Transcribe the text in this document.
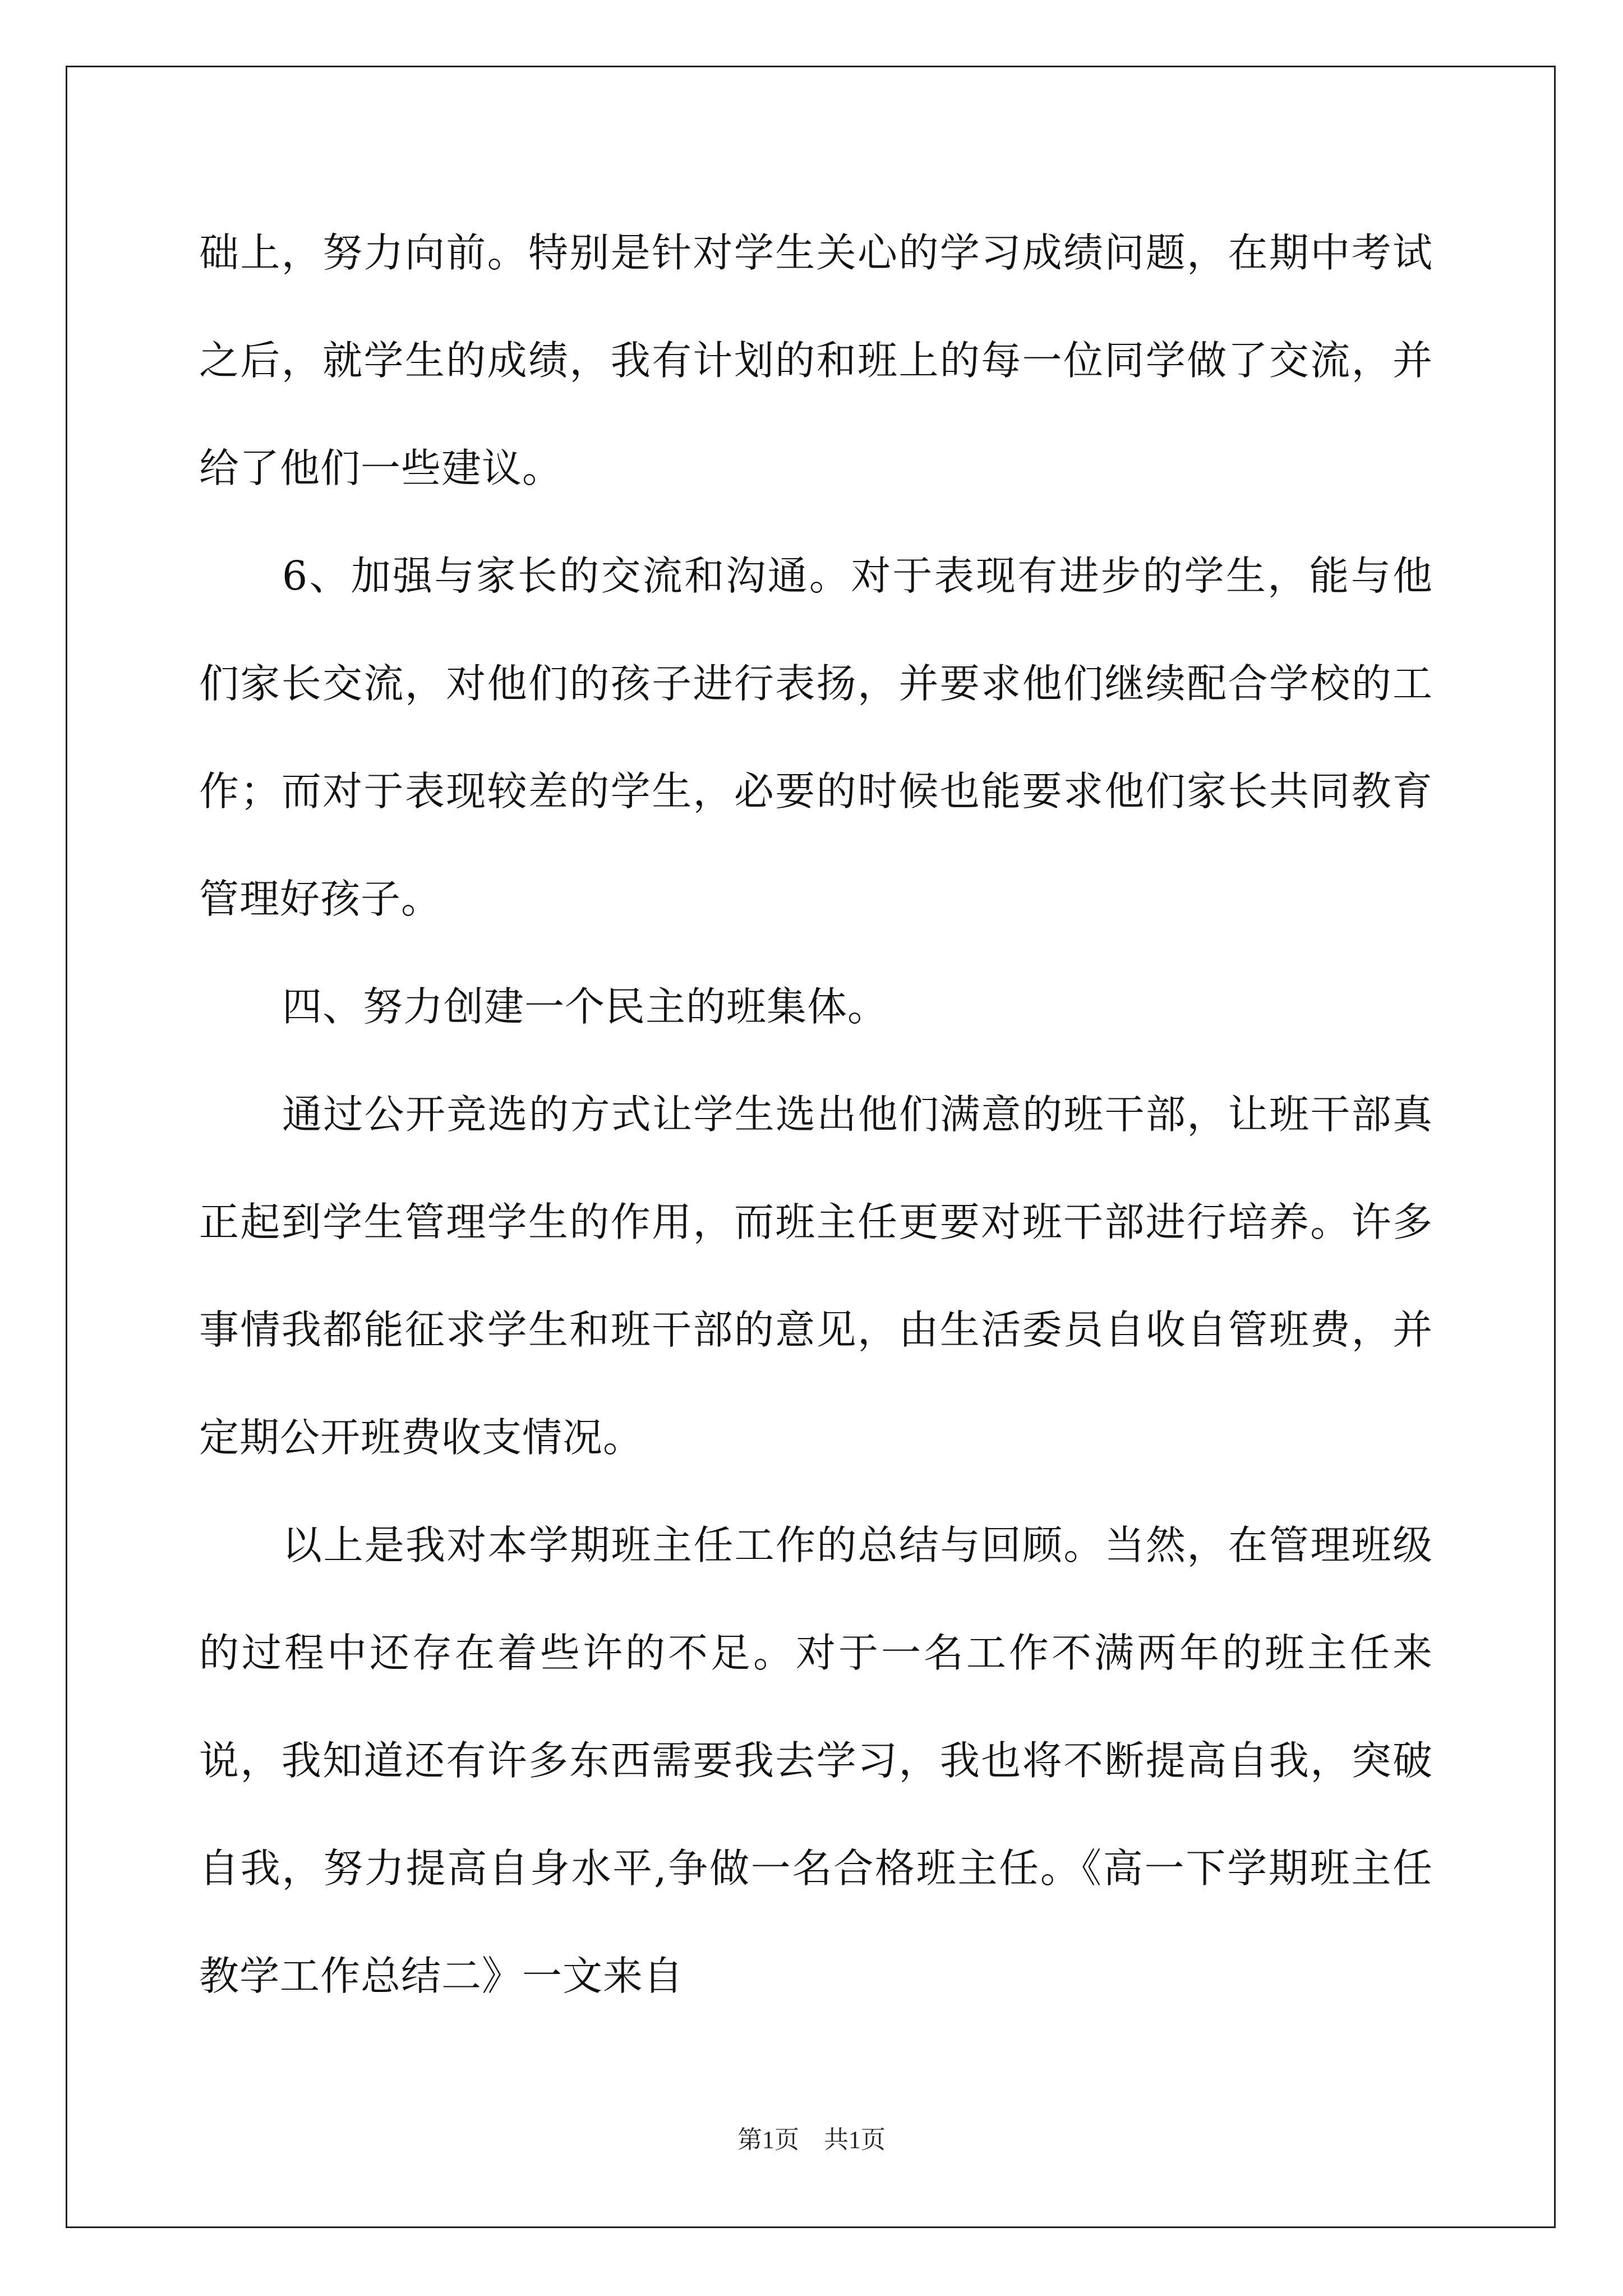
础上，努力向前。特别是针对学生关心的学习成绩问题，在期中考试之后，就学生的成绩，我有计划的和班上的每一位同学做了交流，并给了他们一些建议。

6、加强与家长的交流和沟通。对于表现有进步的学生，能与他们家长交流，对他们的孩子进行表扬，并要求他们继续配合学校的工作；而对于表现较差的学生，必要的时候也能要求他们家长共同教育管理好孩子。

四、努力创建一个民主的班集体。

通过公开竞选的方式让学生选出他们满意的班干部，让班干部真正起到学生管理学生的作用，而班主任更要对班干部进行培养。许多事情我都能征求学生和班干部的意见，由生活委员自收自管班费，并定期公开班费收支情况。

以上是我对本学期班主任工作的总结与回顾。当然，在管理班级的过程中还存在着些许的不足。对于一名工作不满两年的班主任来说，我知道还有许多东西需要我去学习，我也将不断提高自我，突破自我，努力提高自身水平,争做一名合格班主任。《高一下学期班主任教学工作总结二》一文来自

第1页　共1页
